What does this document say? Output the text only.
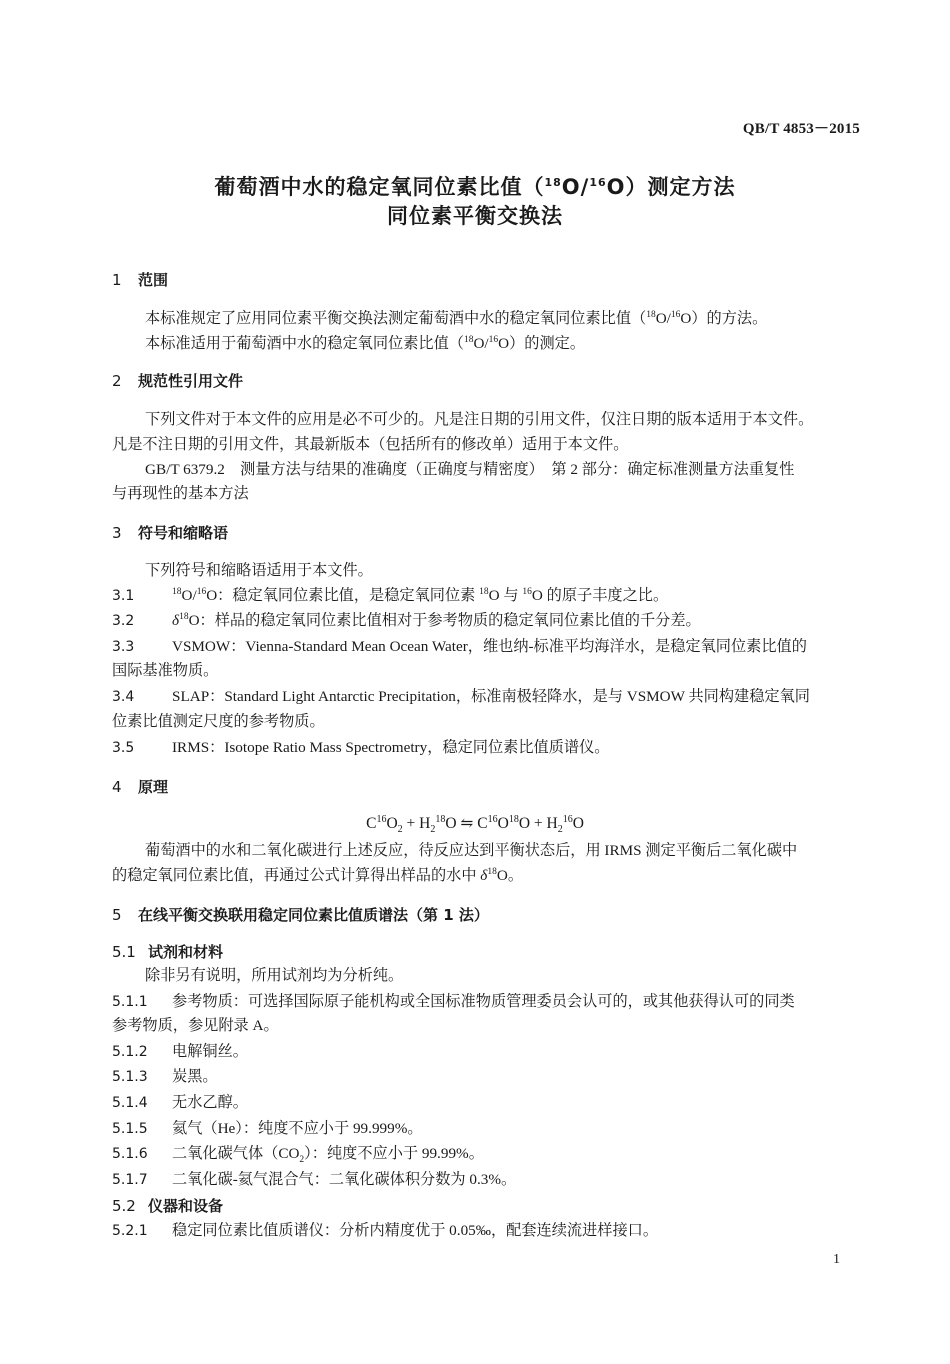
QB/T 4853－2015
葡萄酒中水的稳定氧同位素比值（$^{18}$O/$^{16}$O）测定方法
同位素平衡交换法
1 范围
本标准规定了应用同位素平衡交换法测定葡萄酒中水的稳定氧同位素比值（$^{18}$O/$^{16}$O）的方法。
本标准适用于葡萄酒中水的稳定氧同位素比值（$^{18}$O/$^{16}$O）的测定。
2 规范性引用文件
下列文件对于本文件的应用是必不可少的。凡是注日期的引用文件，仅注日期的版本适用于本文件。
凡是不注日期的引用文件，其最新版本（包括所有的修改单）适用于本文件。
GB/T 6379.2　测量方法与结果的准确度（正确度与精密度）　第 2 部分：确定标准测量方法重复性
与再现性的基本方法
3 符号和缩略语
下列符号和缩略语适用于本文件。
3.1	$^{18}$O/$^{16}$O：稳定氧同位素比值，是稳定氧同位素 $^{18}$O 与 $^{16}$O 的原子丰度之比。
3.2 $\delta^{18}O$：样品的稳定氧同位素比值相对于参考物质的稳定氧同位素比值的千分差。
3.3 VSMOW：Vienna-Standard Mean Ocean Water，维也纳-标准平均海洋水，是稳定氧同位素比值的
国际基准物质。
3.4 SLAP：Standard Light Antarctic Precipitation，标准南极轻降水，是与 VSMOW 共同构建稳定氧同
位素比值测定尺度的参考物质。
3.5 IRMS：Isotope Ratio Mass Spectrometry，稳定同位素比值质谱仪。
4 原理
$C^{16}O_2 + H_2^{18}O$ ⇋ $C^{16}O^{18}O + H_2^{16}O$
葡萄酒中的水和二氧化碳进行上述反应，待反应达到平衡状态后，用 IRMS 测定平衡后二氧化碳中
的稳定氧同位素比值，再通过公式计算得出样品的水中 $\delta^{18}O$。
5 在线平衡交换联用稳定同位素比值质谱法（第 1 法）
5.1 试剂和材料
除非另有说明，所用试剂均为分析纯。
5.1.1 参考物质：可选择国际原子能机构或全国标准物质管理委员会认可的，或其他获得认可的同类
参考物质，参见附录 A。
5.1.2 电解铜丝。
5.1.3 炭黑。
5.1.4 无水乙醇。
5.1.5 氦气（He）：纯度不应小于 99.999%。
5.1.6 二氧化碳气体$(CO_2)$：纯度不应小于 99.99%。
5.1.7 二氧化碳-氦气混合气：二氧化碳体积分数为 0.3%。
5.2 仪器和设备
5.2.1 稳定同位素比值质谱仪：分析内精度优于 0.05‰，配套连续流进样接口。
1
